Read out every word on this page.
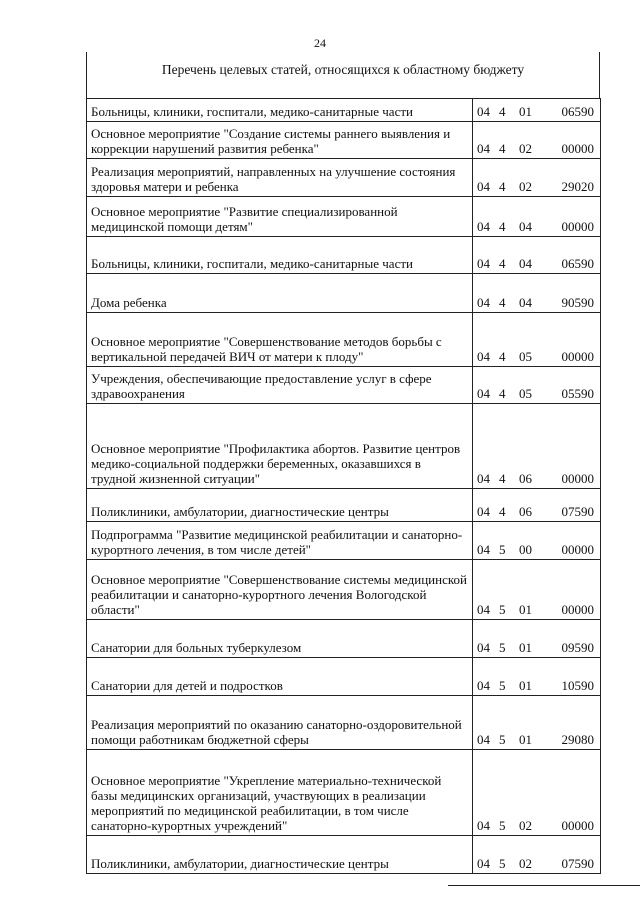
24
Перечень целевых статей, относящихся к областному бюджету
Больницы, клиники, госпитали, медико-санитарные части	04 4 01 06590

Основное мероприятие "Создание системы раннего выявления и коррекции нарушений развития ребенка"	04 4 02 00000

Реализация мероприятий, направленных на улучшение состояния здоровья матери и ребенка	04 4 02 29020

Основное мероприятие "Развитие специализированной медицинской помощи детям"	04 4 04 00000

Больницы, клиники, госпитали, медико-санитарные части	04 4 04 06590

Дома ребенка	04 4 04 90590

Основное мероприятие "Совершенствование методов борьбы с вертикальной передачей ВИЧ от матери к плоду"	04 4 05 00000

Учреждения, обеспечивающие предоставление услуг в сфере здравоохранения	04 4 05 05590

Основное мероприятие "Профилактика абортов. Развитие центров медико-социальной поддержки беременных, оказавшихся в трудной жизненной ситуации"	04 4 06 00000

Поликлиники, амбулатории, диагностические центры	04 4 06 07590

Подпрограмма "Развитие медицинской реабилитации и санаторно-курортного лечения, в том числе детей"	04 5 00 00000

Основное мероприятие "Совершенствование системы медицинской реабилитации и санаторно-курортного лечения Вологодской области"	04 5 01 00000

Санатории для больных туберкулезом	04 5 01 09590

Санатории для детей и подростков	04 5 01 10590

Реализация мероприятий по оказанию санаторно-оздоровительной помощи работникам бюджетной сферы	04 5 01 29080

Основное мероприятие "Укрепление материально-технической базы медицинских организаций, участвующих в реализации мероприятий по медицинской реабилитации, в том числе санаторно-курортных учреждений"	04 5 02 00000

Поликлиники, амбулатории, диагностические центры	04 5 02 07590
